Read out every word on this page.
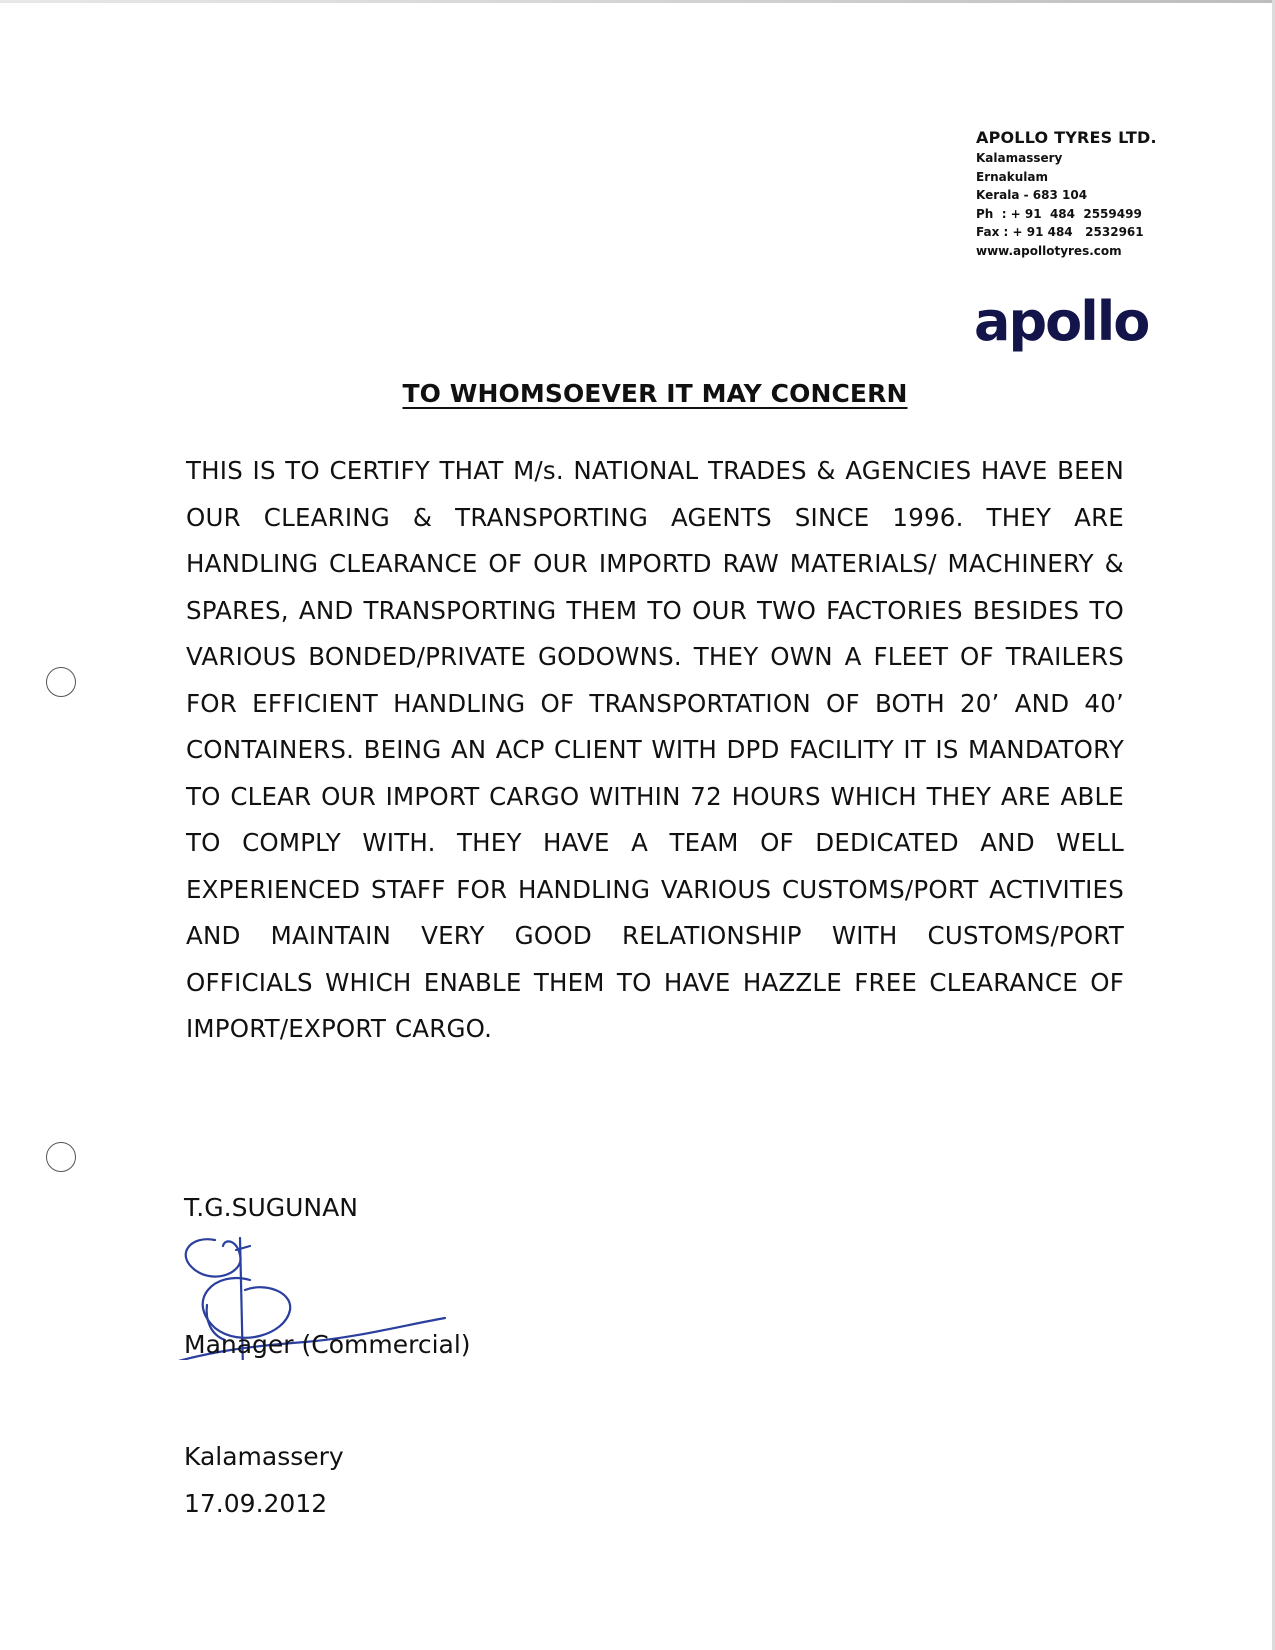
APOLLO TYRES LTD.
Kalamassery
Ernakulam
Kerala - 683 104
Ph  : + 91  484  2559499
Fax : + 91 484   2532961
www.apollotyres.com
apollo
TO WHOMSOEVER IT MAY CONCERN

THIS IS TO CERTIFY THAT M/s. NATIONAL TRADES & AGENCIES HAVE BEEN OUR CLEARING & TRANSPORTING AGENTS SINCE 1996. THEY ARE HANDLING CLEARANCE OF OUR IMPORTD RAW MATERIALS/ MACHINERY & SPARES, AND TRANSPORTING THEM TO OUR TWO FACTORIES BESIDES TO VARIOUS BONDED/PRIVATE GODOWNS. THEY OWN A FLEET OF TRAILERS FOR EFFICIENT HANDLING OF TRANSPORTATION OF BOTH 20’ AND 40’ CONTAINERS. BEING AN ACP CLIENT WITH DPD FACILITY IT IS MANDATORY TO CLEAR OUR IMPORT CARGO WITHIN 72 HOURS WHICH THEY ARE ABLE TO COMPLY WITH. THEY HAVE A TEAM OF DEDICATED AND WELL EXPERIENCED STAFF FOR HANDLING VARIOUS CUSTOMS/PORT ACTIVITIES AND MAINTAIN VERY GOOD RELATIONSHIP WITH CUSTOMS/PORT OFFICIALS WHICH ENABLE THEM TO HAVE HAZZLE FREE CLEARANCE OF IMPORT/EXPORT CARGO.

T.G.SUGUNAN

Manager (Commercial)

Kalamassery

17.09.2012
